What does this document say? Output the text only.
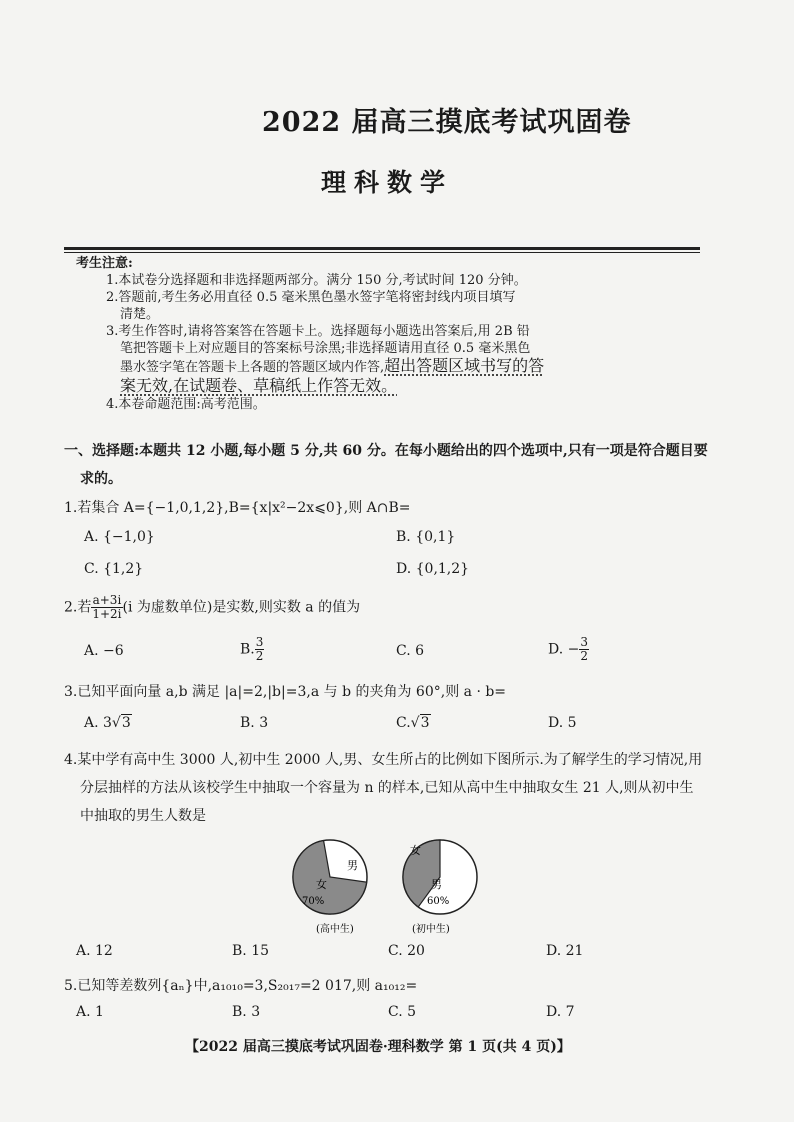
2022 届高三摸底考试巩固卷
理科数学
考生注意:
1.本试卷分选择题和非选择题两部分。满分 150 分,考试时间 120 分钟。
2.答题前,考生务必用直径 0.5 毫米黑色墨水签字笔将密封线内项目填写
清楚。
3.考生作答时,请将答案答在答题卡上。选择题每小题选出答案后,用 2B 铅
笔把答题卡上对应题目的答案标号涂黑;非选择题请用直径 0.5 毫米黑色
墨水签字笔在答题卡上各题的答题区域内作答,超出答题区域书写的答
案无效,在试题卷、草稿纸上作答无效。
4.本卷命题范围:高考范围。
一、选择题:本题共 12 小题,每小题 5 分,共 60 分。在每小题给出的四个选项中,只有一项是符合题目要
求的。
1.若集合 A={−1,0,1,2},B={x|x²−2x⩽0},则 A∩B=
A. {−1,0}	B. {0,1}
C. {1,2}	D. {0,1,2}
2.若 $\frac{a+3i}{1+2i} (i$ 为虚数单位)是实数,则实数 a 的值为
A. −6	B. $\frac{3}{2}$	C. 6	D. − $\frac{3}{2}$
3.已知平面向量 a,b 满足 |a|=2,|b|=3,a 与 b 的夹角为 60°,则 a · b=
A. 3√3	B. 3	C.√3	D. 5
4.某中学有高中生 3000 人,初中生 2000 人,男、女生所占的比例如下图所示.为了解学生的学习情况,用
分层抽样的方法从该校学生中抽取一个容量为 n 的样本,已知从高中生中抽取女生 21 人,则从初中生
中抽取的男生人数是
女
70%
男
(高中生)
女
男
60%
(初中生)
A. 12	B. 15	C. 20	D. 21
5.已知等差数列{aₙ}中,a₁₀₁₀=3,S₂₀₁₇=2 017,则 a₁₀₁₂=
A. 1	B. 3	C. 5	D. 7
【2022 届高三摸底考试巩固卷·理科数学 第 1 页(共 4 页)】
